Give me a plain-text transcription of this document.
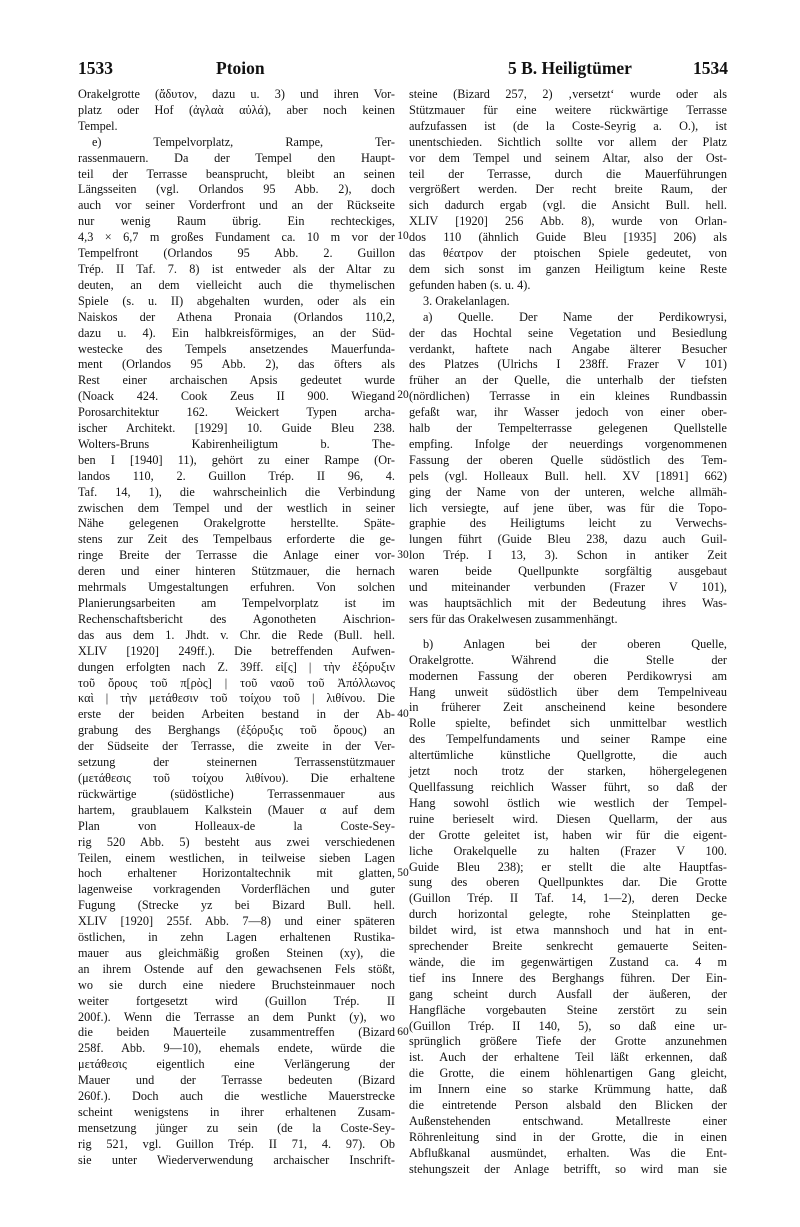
1533	Ptoion	5 B. Heiligtümer	1534
Orakelgrotte (ἄδυτον, dazu u. 3) und ihren Vor-
platz oder Hof (ἀγλαὰ αὐλά), aber noch keinen
Tempel.
e) Tempelvorplatz, Rampe, Ter-
rassenmauern. Da der Tempel den Haupt-
teil der Terrasse beansprucht, bleibt an seinen
Längsseiten (vgl. Orlandos 95 Abb. 2), doch
auch vor seiner Vorderfront und an der Rückseite
nur wenig Raum übrig. Ein rechteckiges,
4,3 × 6,7 m großes Fundament ca. 10 m vor der
Tempelfront (Orlandos 95 Abb. 2. Guillon
Trép. II Taf. 7. 8) ist entweder als der Altar zu
deuten, an dem vielleicht auch die thymelischen
Spiele (s. u. II) abgehalten wurden, oder als ein
Naiskos der Athena Pronaia (Orlandos 110,2,
dazu u. 4). Ein halbkreisförmiges, an der Süd-
westecke des Tempels ansetzendes Mauerfunda-
ment (Orlandos 95 Abb. 2), das öfters als
Rest einer archaischen Apsis gedeutet wurde
(Noack 424. Cook Zeus II 900. Wiegand
Porosarchitektur 162. Weickert Typen archa-
ischer Architekt. [1929] 10. Guide Bleu 238.
Wolters-Bruns Kabirenheiligtum b. The-
ben I [1940] 11), gehört zu einer Rampe (Or-
landos 110, 2. Guillon Trép. II 96, 4.
Taf. 14, 1), die wahrscheinlich die Verbindung
zwischen dem Tempel und der westlich in seiner
Nähe gelegenen Orakelgrotte herstellte. Späte-
stens zur Zeit des Tempelbaus erforderte die ge-
ringe Breite der Terrasse die Anlage einer vor-
deren und einer hinteren Stützmauer, die hernach
mehrmals Umgestaltungen erfuhren. Von solchen
Planierungsarbeiten am Tempelvorplatz ist im
Rechenschaftsbericht des Agonotheten Aischrion-
das aus dem 1. Jhdt. v. Chr. die Rede (Bull. hell.
XLIV [1920] 249ff.). Die betreffenden Aufwen-
dungen erfolgten nach Z. 39ff. εἰ[ς] | τὴν ἐξόρυξιν
τοῦ ὄρους τοῦ π[ρὸς] | τοῦ ναοῦ τοῦ Ἀπόλλωνος
καὶ | τὴν μετάθεσιν τοῦ τοίχου τοῦ | λιθίνου. Die
erste der beiden Arbeiten bestand in der Ab-
grabung des Berghangs (ἐξόρυξις τοῦ ὄρους) an
der Südseite der Terrasse, die zweite in der Ver-
setzung der steinernen Terrassenstützmauer
(μετάθεσις τοῦ τοίχου λιθίνου). Die erhaltene
rückwärtige (südöstliche) Terrassenmauer aus
hartem, graublauem Kalkstein (Mauer α auf dem
Plan von Holleaux-de la Coste-Sey-
rig 520 Abb. 5) besteht aus zwei verschiedenen
Teilen, einem westlichen, in teilweise sieben Lagen
hoch erhaltener Horizontaltechnik mit glatten,
lagenweise vorkragenden Vorderflächen und guter
Fugung (Strecke yz bei Bizard Bull. hell.
XLIV [1920] 255f. Abb. 7—8) und einer späteren
östlichen, in zehn Lagen erhaltenen Rustika-
mauer aus gleichmäßig großen Steinen (xy), die
an ihrem Ostende auf den gewachsenen Fels stößt,
wo sie durch eine niedere Bruchsteinmauer noch
weiter fortgesetzt wird (Guillon Trép. II
200f.). Wenn die Terrasse an dem Punkt (y), wo
die beiden Mauerteile zusammentreffen (Bizard
258f. Abb. 9—10), ehemals endete, würde die
μετάθεσις eigentlich eine Verlängerung der
Mauer und der Terrasse bedeuten (Bizard
260f.). Doch auch die westliche Mauerstrecke
scheint wenigstens in ihrer erhaltenen Zusam-
mensetzung jünger zu sein (de la Coste-Sey-
rig 521, vgl. Guillon Trép. II 71, 4. 97). Ob
sie unter Wiederverwendung archaischer Inschrift-
steine (Bizard 257, 2) ‚versetzt‘ wurde oder als
Stützmauer für eine weitere rückwärtige Terrasse
aufzufassen ist (de la Coste-Seyrig a. O.), ist
unentschieden. Sichtlich sollte vor allem der Platz
vor dem Tempel und seinem Altar, also der Ost-
teil der Terrasse, durch die Mauerführungen
vergrößert werden. Der recht breite Raum, der
sich dadurch ergab (vgl. die Ansicht Bull. hell.
XLIV [1920] 256 Abb. 8), wurde von Orlan-
dos 110 (ähnlich Guide Bleu [1935] 206) als
das θέατρον der ptoischen Spiele gedeutet, von
dem sich sonst im ganzen Heiligtum keine Reste
gefunden haben (s. u. 4).
3. Orakelanlagen.
a) Quelle. Der Name der Perdikowrysi,
der das Hochtal seine Vegetation und Besiedlung
verdankt, haftete nach Angabe älterer Besucher
des Platzes (Ulrichs I 238ff. Frazer V 101)
früher an der Quelle, die unterhalb der tiefsten
(nördlichen) Terrasse in ein kleines Rundbassin
gefaßt war, ihr Wasser jedoch von einer ober-
halb der Tempelterrasse gelegenen Quellstelle
empfing. Infolge der neuerdings vorgenommenen
Fassung der oberen Quelle südöstlich des Tem-
pels (vgl. Holleaux Bull. hell. XV [1891] 662)
ging der Name von der unteren, welche allmäh-
lich versiegte, auf jene über, was für die Topo-
graphie des Heiligtums leicht zu Verwechs-
lungen führt (Guide Bleu 238, dazu auch Guil-
lon Trép. I 13, 3). Schon in antiker Zeit
waren beide Quellpunkte sorgfältig ausgebaut
und miteinander verbunden (Frazer V 101),
was hauptsächlich mit der Bedeutung ihres Was-
sers für das Orakelwesen zusammenhängt.
b) Anlagen bei der oberen Quelle,
Orakelgrotte. Während die Stelle der
modernen Fassung der oberen Perdikowrysi am
Hang unweit südöstlich über dem Tempelniveau
in früherer Zeit anscheinend keine besondere
Rolle spielte, befindet sich unmittelbar westlich
des Tempelfundaments und seiner Rampe eine
altertümliche künstliche Quellgrotte, die auch
jetzt noch trotz der starken, höhergelegenen
Quellfassung reichlich Wasser führt, so daß der
Hang sowohl östlich wie westlich der Tempel-
ruine berieselt wird. Diesen Quellarm, der aus
der Grotte geleitet ist, haben wir für die eigent-
liche Orakelquelle zu halten (Frazer V 100.
Guide Bleu 238); er stellt die alte Hauptfas-
sung des oberen Quellpunktes dar. Die Grotte
(Guillon Trép. II Taf. 14, 1—2), deren Decke
durch horizontal gelegte, rohe Steinplatten ge-
bildet wird, ist etwa mannshoch und hat in ent-
sprechender Breite senkrecht gemauerte Seiten-
wände, die im gegenwärtigen Zustand ca. 4 m
tief ins Innere des Berghangs führen. Der Ein-
gang scheint durch Ausfall der äußeren, der
Hangfläche vorgebauten Steine zerstört zu sein
(Guillon Trép. II 140, 5), so daß eine ur-
sprünglich größere Tiefe der Grotte anzunehmen
ist. Auch der erhaltene Teil läßt erkennen, daß
die Grotte, die einem höhlenartigen Gang gleicht,
im Innern eine so starke Krümmung hatte, daß
die eintretende Person alsbald den Blicken der
Außenstehenden entschwand. Metallreste einer
Röhrenleitung sind in der Grotte, die in einen
Abflußkanal ausmündet, erhalten. Was die Ent-
stehungszeit der Anlage betrifft, so wird man sie
10
20
30
40
50
60
